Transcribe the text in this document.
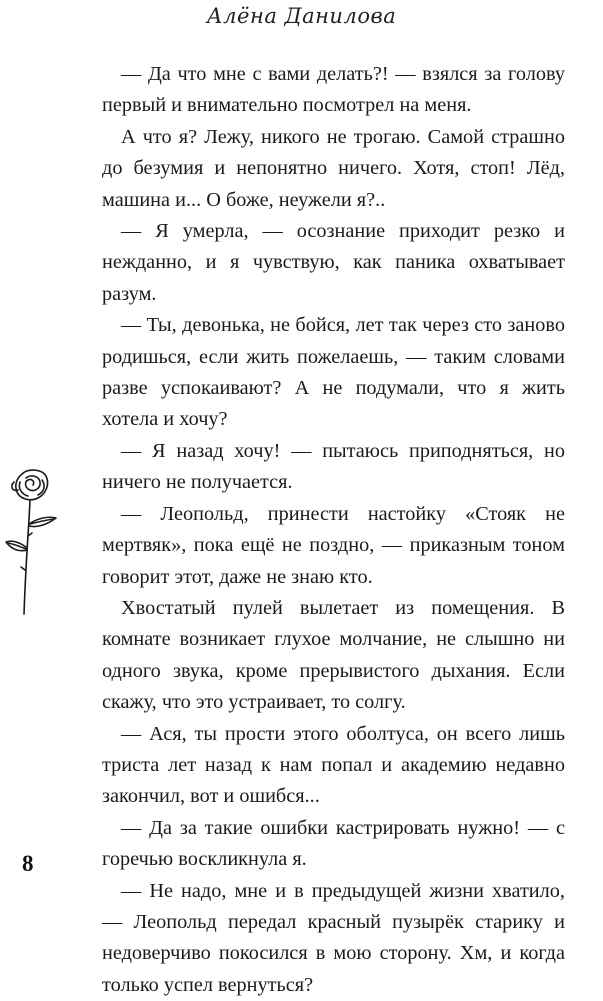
Алёна Данилова

— Да что мне с вами делать?! — взялся за голову первый и внимательно посмотрел на меня.

А что я? Лежу, никого не трогаю. Самой страшно до безумия и непонятно ничего. Хотя, стоп! Лёд, машина и... О боже, неужели я?..

— Я умерла, — осознание приходит резко и нежданно, и я чувствую, как паника охватывает разум.

— Ты, девонька, не бойся, лет так через сто заново родишься, если жить пожелаешь, — таким словами разве успокаивают? А не подумали, что я жить хотела и хочу?

— Я назад хочу! — пытаюсь приподняться, но ничего не получается.

— Леопольд, принести настойку «Стояк не мертвяк», пока ещё не поздно, — приказным тоном говорит этот, даже не знаю кто.

Хвостатый пулей вылетает из помещения. В комнате возникает глухое молчание, не слышно ни одного звука, кроме прерывистого дыхания. Если скажу, что это устраивает, то солгу.

— Ася, ты прости этого оболтуса, он всего лишь триста лет назад к нам попал и академию недавно закончил, вот и ошибся...

— Да за такие ошибки кастрировать нужно! — с горечью воскликнула я.

— Не надо, мне и в предыдущей жизни хватило, — Леопольд передал красный пузырёк старику и недоверчиво покосился в мою сторону. Хм, и когда только успел вернуться?

8
